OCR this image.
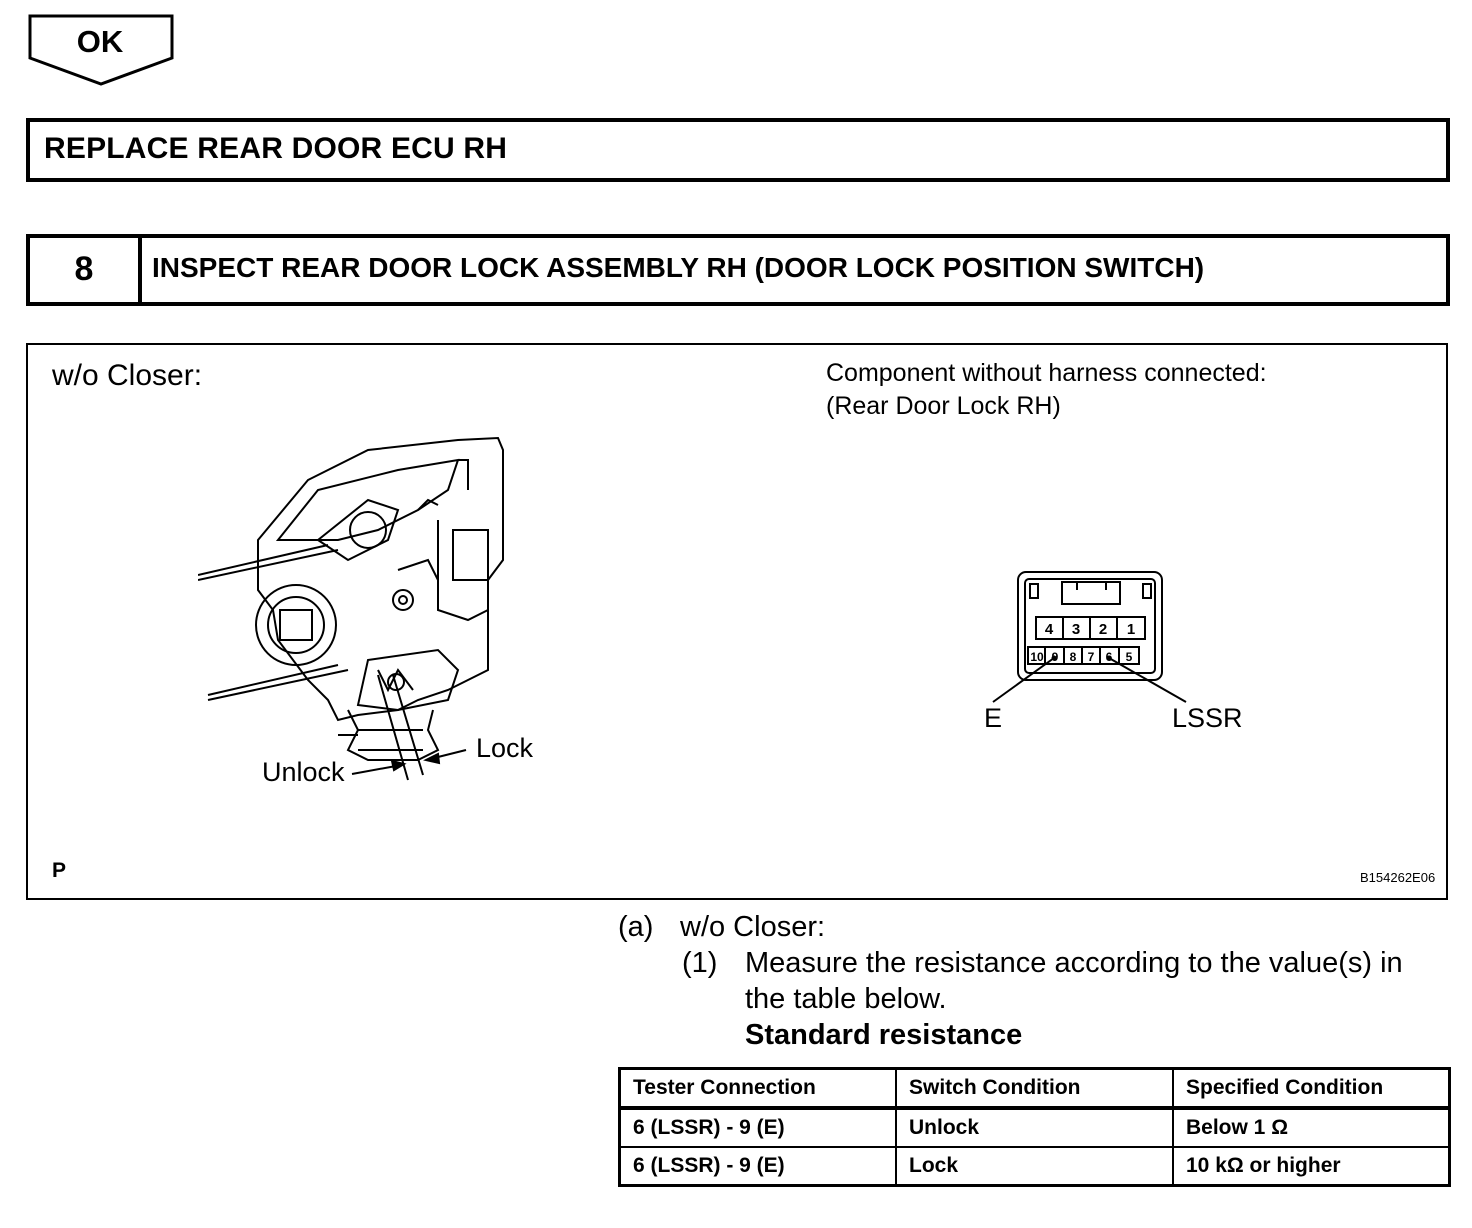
OK
REPLACE REAR DOOR ECU RH
8	INSPECT REAR DOOR LOCK ASSEMBLY RH (DOOR LOCK POSITION SWITCH)
w/o Closer:	Component without harness connected:
(Rear Door Lock RH)
Unlock
Lock
4 3 2 1
10 9 8 7 6 5
E	LSSR
P	B154262E06
(a) w/o Closer:
(1) Measure the resistance according to the value(s) in
the table below.
Standard resistance
Tester Connection	Switch Condition	Specified Condition
6 (LSSR) - 9 (E)	Unlock	Below 1 Ω
6 (LSSR) - 9 (E)	Lock	10 kΩ or higher
